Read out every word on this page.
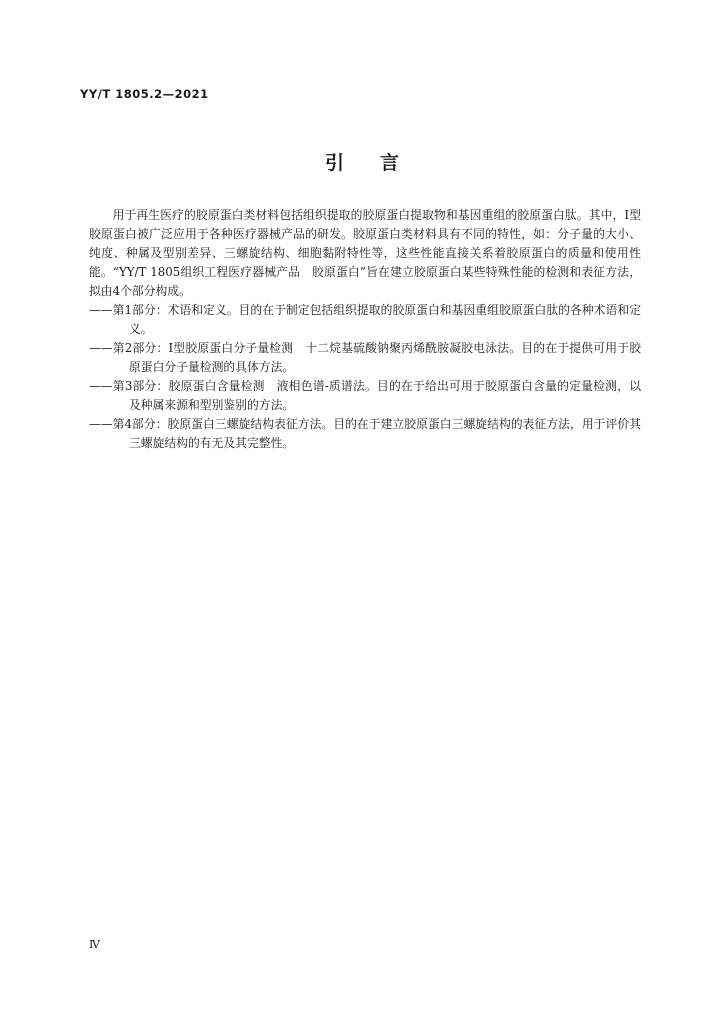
YY/T 1805.2—2021
引言

用于再生医疗的胶原蛋白类材料包括组织提取的胶原蛋白提取物和基因重组的胶原蛋白肽。其中，Ⅰ型胶原蛋白被广泛应用于各种医疗器械产品的研发。胶原蛋白类材料具有不同的特性，如：分子量的大小、纯度、种属及型别差异、三螺旋结构、细胞黏附特性等，这些性能直接关系着胶原蛋白的质量和使用性能。“YY/T 1805组织工程医疗器械产品　胶原蛋白”旨在建立胶原蛋白某些特殊性能的检测和表征方法，拟由4个部分构成。

——第1部分：术语和定义。目的在于制定包括组织提取的胶原蛋白和基因重组胶原蛋白肽的各种术语和定义。

——第2部分：Ⅰ型胶原蛋白分子量检测　十二烷基硫酸钠聚丙烯酰胺凝胶电泳法。目的在于提供可用于胶原蛋白分子量检测的具体方法。

——第3部分：胶原蛋白含量检测　液相色谱-质谱法。目的在于给出可用于胶原蛋白含量的定量检测，以及种属来源和型别鉴别的方法。

——第4部分：胶原蛋白三螺旋结构表征方法。目的在于建立胶原蛋白三螺旋结构的表征方法，用于评价其三螺旋结构的有无及其完整性。

Ⅳ
